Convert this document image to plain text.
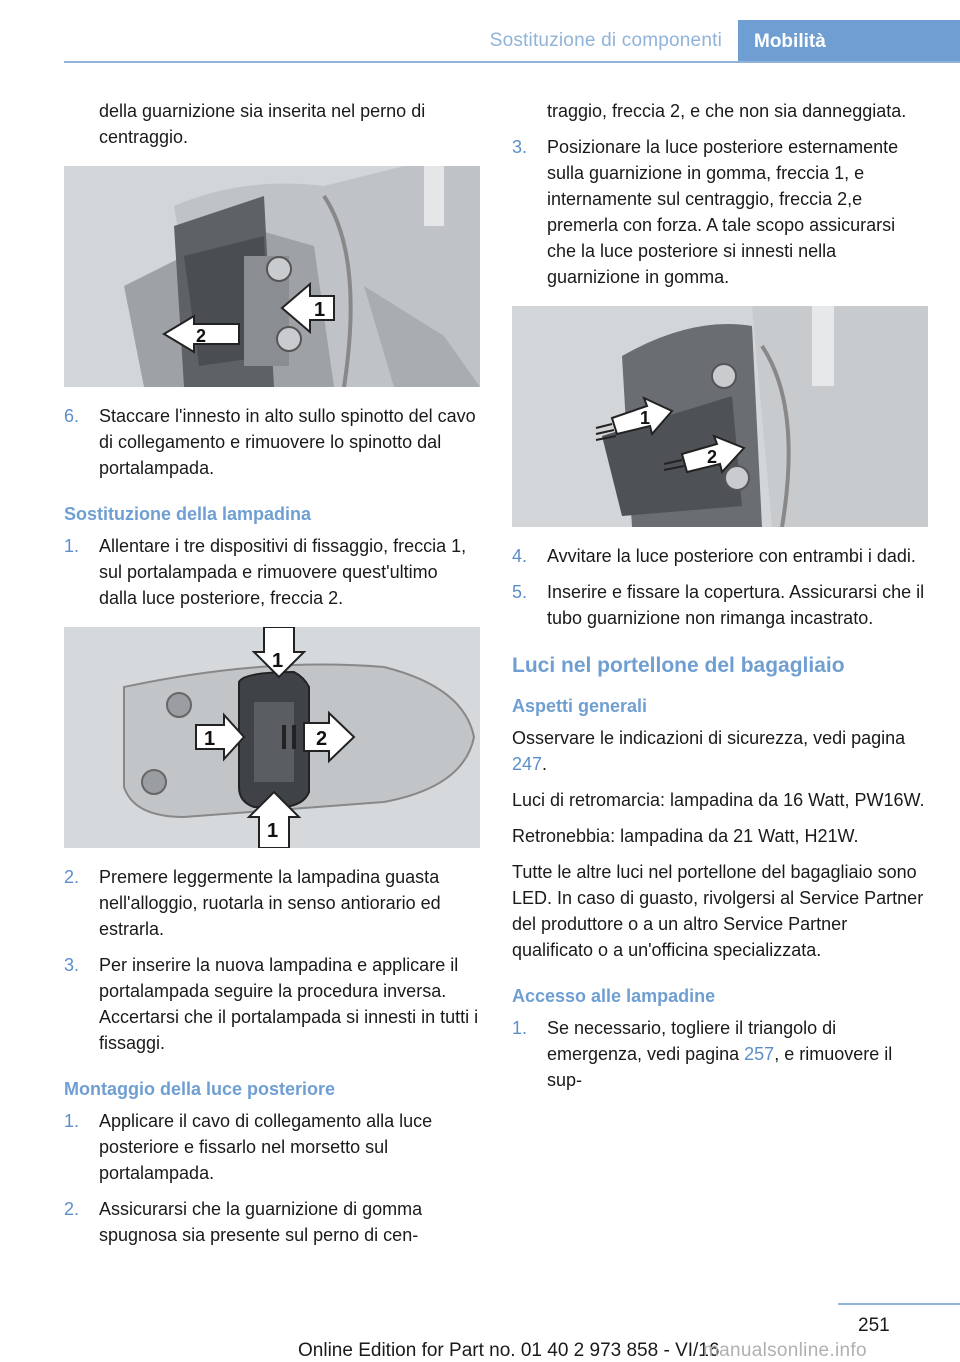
Sostituzione di componenti	Mobilità

della guarnizione sia inserita nel perno di centraggio.

1
2
6.	Staccare l'innesto in alto sullo spinotto del cavo di collegamento e rimuovere lo spinotto dal portalampada.
Sostituzione della lampadina
1.	Allentare i tre dispositivi di fissaggio, freccia 1, sul portalampada e rimuovere quest'ultimo dalla luce posteriore, freccia 2.
1
1
1
2
2.	Premere leggermente la lampadina guasta nell'alloggio, ruotarla in senso antiorario ed estrarla.
3.	Per inserire la nuova lampadina e applicare il portalampada seguire la procedura inversa. Accertarsi che il portalampada si innesti in tutti i fissaggi.
Montaggio della luce posteriore
1.	Applicare il cavo di collegamento alla luce posteriore e fissarlo nel morsetto sul portalampada.
2.	Assicurarsi che la guarnizione di gomma spugnosa sia presente sul perno di cen-

traggio, freccia 2, e che non sia danneggiata.

3.	Posizionare la luce posteriore esternamente sulla guarnizione in gomma, freccia 1, e internamente sul centraggio, freccia 2,e premerla con forza. A tale scopo assicurarsi che la luce posteriore si innesti nella guarnizione in gomma.
1
2
4.	Avvitare la luce posteriore con entrambi i dadi.
5.	Inserire e fissare la copertura. Assicurarsi che il tubo guarnizione non rimanga incastrato.
Luci nel portellone del bagagliaio
Aspetti generali

Osservare le indicazioni di sicurezza, vedi pagina 247.

Luci di retromarcia: lampadina da 16 Watt, PW16W.

Retronebbia: lampadina da 21 Watt, H21W.

Tutte le altre luci nel portellone del bagagliaio sono LED. In caso di guasto, rivolgersi al Service Partner del produttore o a un altro Service Partner qualificato o a un'officina specializzata.

Accesso alle lampadine
1.	Se necessario, togliere il triangolo di emergenza, vedi pagina 257, e rimuovere il sup-
251
Online Edition for Part no. 01 40 2 973 858 - VI/16
manualsonline.info
